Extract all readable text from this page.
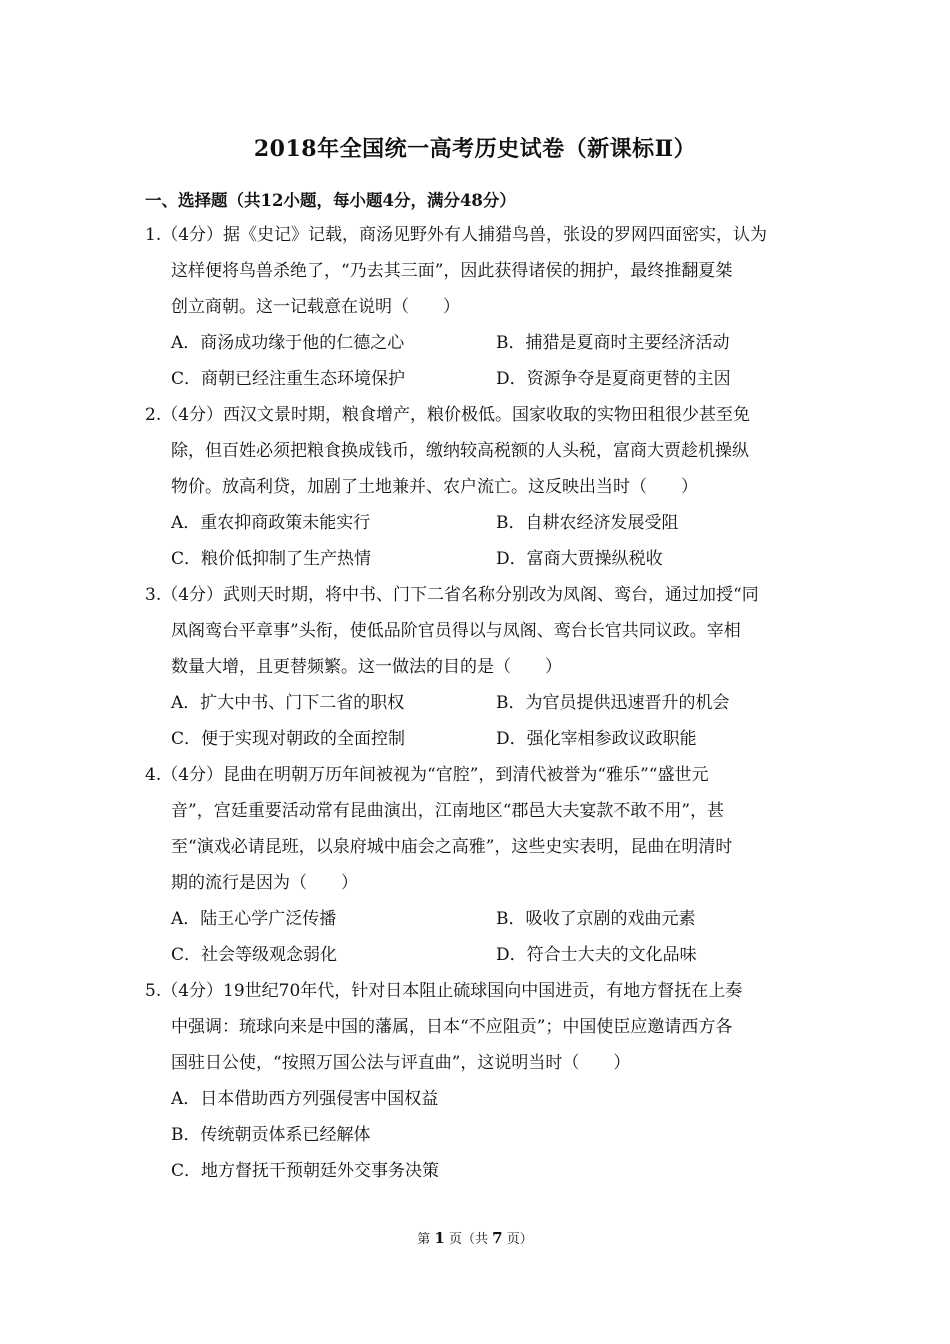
2018年全国统一高考历史试卷（新课标Ⅱ）
一、选择题（共12小题，每小题4分，满分48分）
1.（4分）据《史记》记载，商汤见野外有人捕猎鸟兽，张设的罗网四面密实，认为
这样便将鸟兽杀绝了，“乃去其三面”，因此获得诸侯的拥护，最终推翻夏桀
创立商朝。这一记载意在说明（　　）
A．商汤成功缘于他的仁德之心	B．捕猎是夏商时主要经济活动
C．商朝已经注重生态环境保护	D．资源争夺是夏商更替的主因
2.（4分）西汉文景时期，粮食增产，粮价极低。国家收取的实物田租很少甚至免
除，但百姓必须把粮食换成钱币，缴纳较高税额的人头税，富商大贾趁机操纵
物价。放高利贷，加剧了土地兼并、农户流亡。这反映出当时（　　）
A．重农抑商政策未能实行	B．自耕农经济发展受阻
C．粮价低抑制了生产热情	D．富商大贾操纵税收
3.（4分）武则天时期，将中书、门下二省名称分别改为凤阁、鸾台，通过加授“同
凤阁鸾台平章事”头衔，使低品阶官员得以与凤阁、鸾台长官共同议政。宰相
数量大增，且更替频繁。这一做法的目的是（　　）
A．扩大中书、门下二省的职权	B．为官员提供迅速晋升的机会
C．便于实现对朝政的全面控制	D．强化宰相参政议政职能
4.（4分）昆曲在明朝万历年间被视为“官腔”，到清代被誉为“雅乐”“盛世元
音”，宫廷重要活动常有昆曲演出，江南地区“郡邑大夫宴款不敢不用”，甚
至“演戏必请昆班，以泉府城中庙会之高雅”，这些史实表明，昆曲在明清时
期的流行是因为（　　）
A．陆王心学广泛传播	B．吸收了京剧的戏曲元素
C．社会等级观念弱化	D．符合士大夫的文化品味
5.（4分）19世纪70年代，针对日本阻止硫球国向中国进贡，有地方督抚在上奏
中强调：琉球向来是中国的藩属，日本“不应阻贡”；中国使臣应邀请西方各
国驻日公使，“按照万国公法与评直曲”，这说明当时（　　）
A．日本借助西方列强侵害中国权益
B．传统朝贡体系已经解体
C．地方督抚干预朝廷外交事务决策
第 1 页（共 7 页）
